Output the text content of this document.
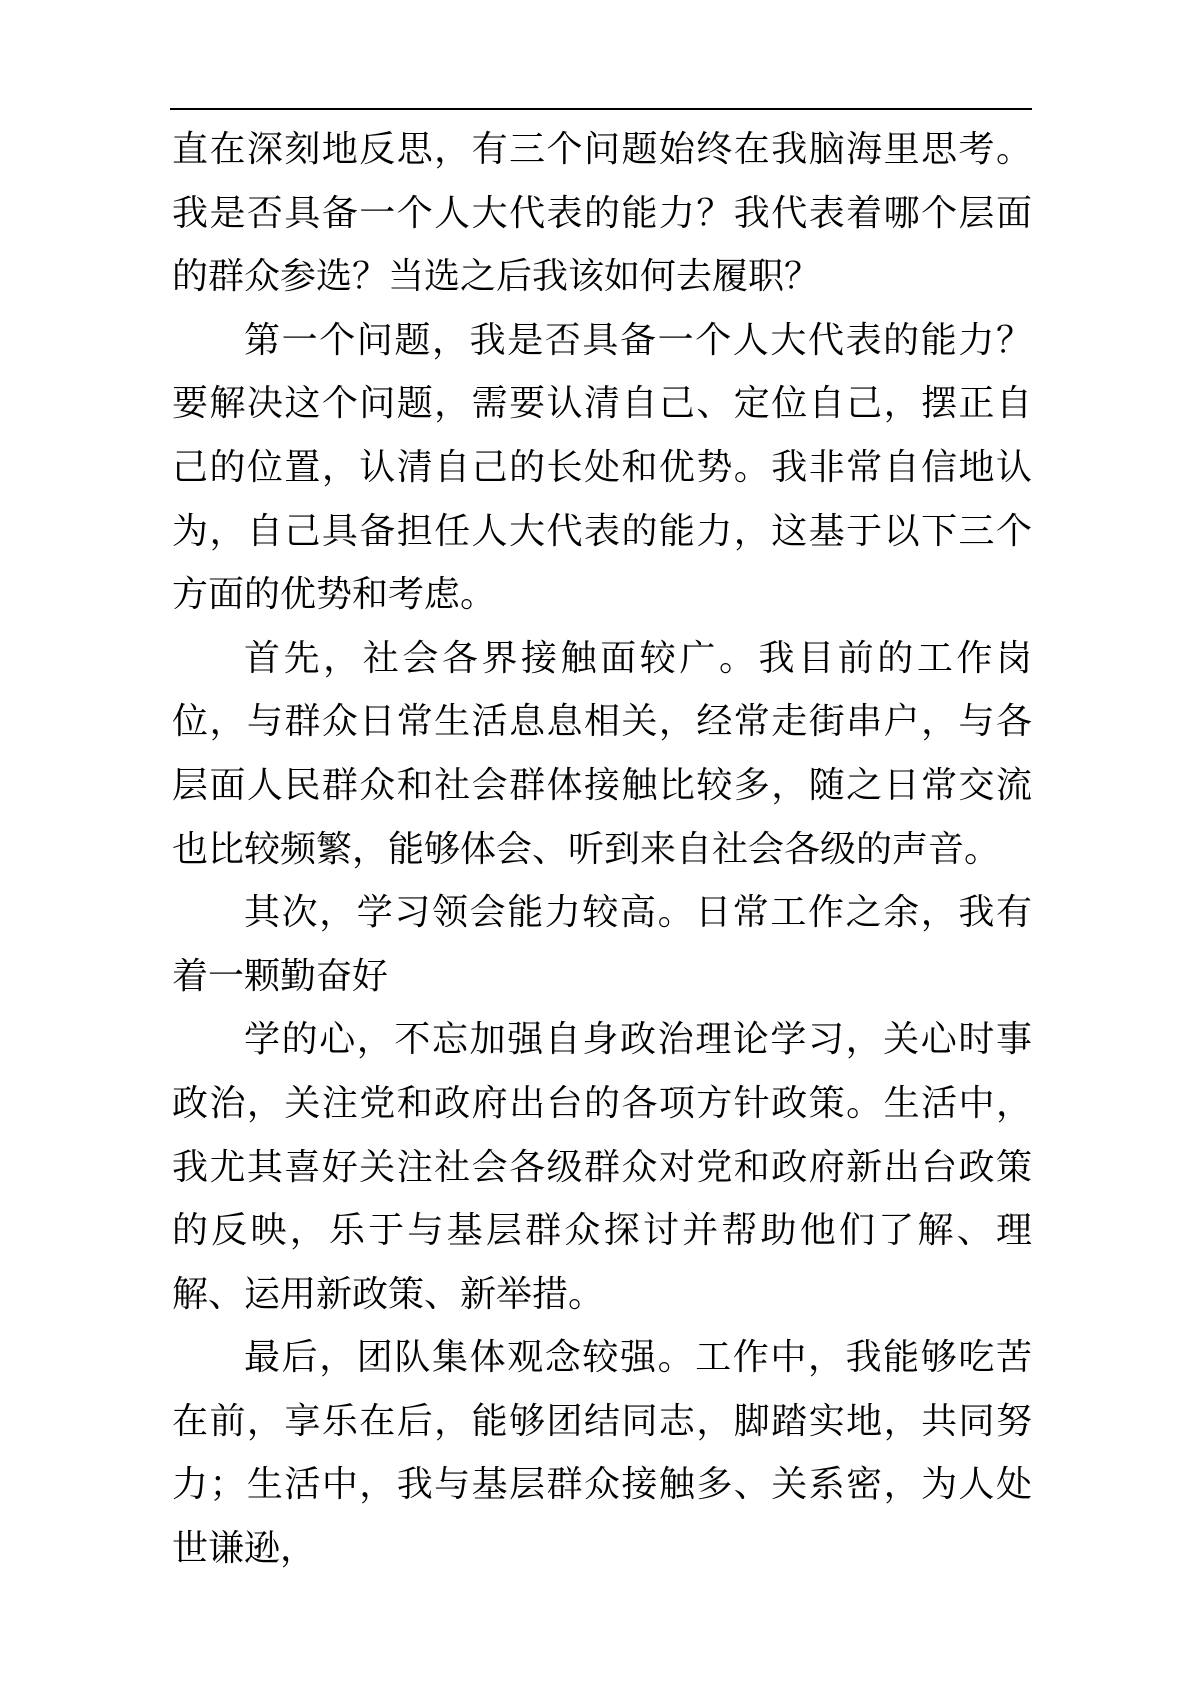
直在深刻地反思，有三个问题始终在我脑海里思考。我是否具备一个人大代表的能力？我代表着哪个层面的群众参选？当选之后我该如何去履职？

第一个问题，我是否具备一个人大代表的能力？要解决这个问题，需要认清自己、定位自己，摆正自己的位置，认清自己的长处和优势。我非常自信地认为，自己具备担任人大代表的能力，这基于以下三个方面的优势和考虑。

首先，社会各界接触面较广。我目前的工作岗位，与群众日常生活息息相关，经常走街串户，与各层面人民群众和社会群体接触比较多，随之日常交流也比较频繁，能够体会、听到来自社会各级的声音。

其次，学习领会能力较高。日常工作之余，我有着一颗勤奋好

学的心，不忘加强自身政治理论学习，关心时事政治，关注党和政府出台的各项方针政策。生活中，我尤其喜好关注社会各级群众对党和政府新出台政策的反映，乐于与基层群众探讨并帮助他们了解、理解、运用新政策、新举措。

最后，团队集体观念较强。工作中，我能够吃苦在前，享乐在后，能够团结同志，脚踏实地，共同努力；生活中，我与基层群众接触多、关系密，为人处世谦逊，
